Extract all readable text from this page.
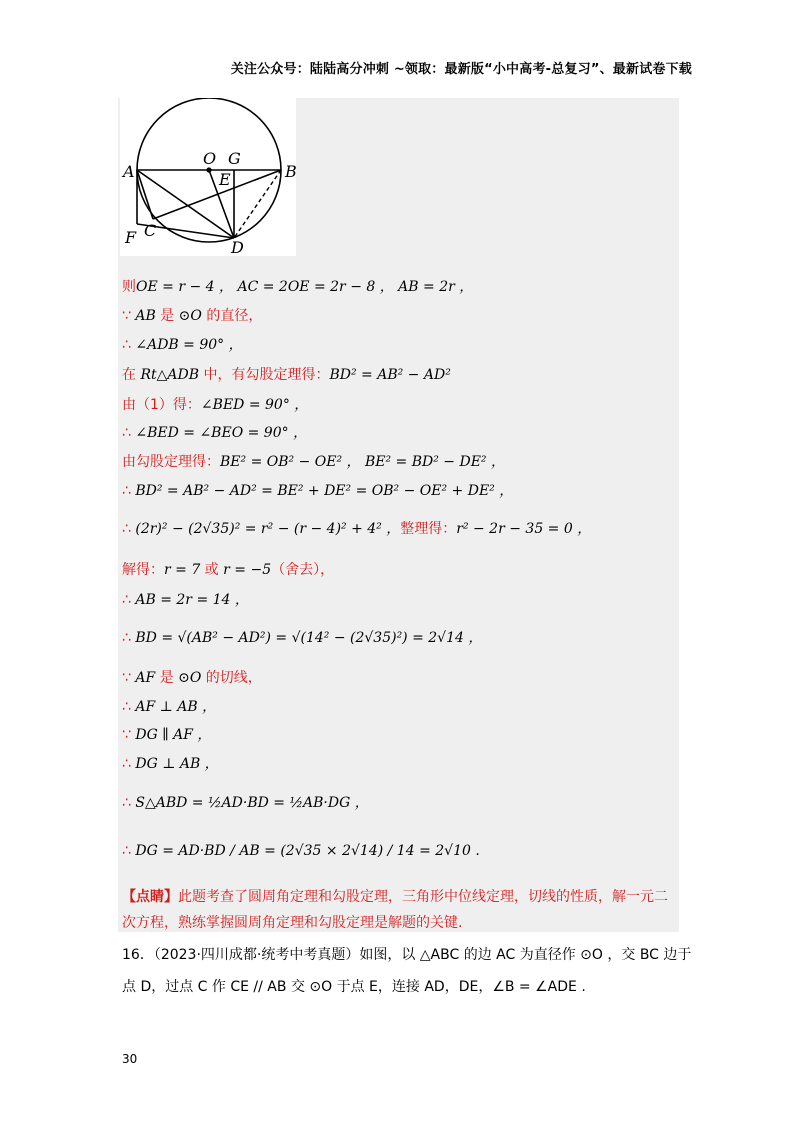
关注公众号：陆陆高分冲刺 ~领取：最新版“小中高考-总复习”、最新试卷下载
O G
A	B
E
F C
D
则OE = r − 4 ， AC = 2OE = 2r − 8 ， AB = 2r ，
∵ AB 是 ⊙O 的直径，
∴ ∠ADB = 90° ，
在 Rt△ADB 中，有勾股定理得：BD² = AB² − AD²
由（1）得：∠BED = 90° ，
∴ ∠BED = ∠BEO = 90° ，
由勾股定理得：BE² = OB² − OE² ， BE² = BD² − DE² ，
∴ BD² = AB² − AD² = BE² + DE² = OB² − OE² + DE² ，
∴ (2r)² − (2√35)² = r² − (r − 4)² + 4² ，整理得：r² − 2r − 35 = 0 ，
解得：r = 7 或 r = −5（舍去），
∴ AB = 2r = 14 ，
∴ BD = √(AB² − AD²) = √(14² − (2√35)²) = 2√14 ，
∵ AF 是 ⊙O 的切线，
∴ AF ⊥ AB ，
∵ DG ∥ AF ，
∴ DG ⊥ AB ，
∴ S△ABD = ½AD·BD = ½AB·DG ，
∴ DG = AD·BD / AB = (2√35 × 2√14) / 14 = 2√10 .
【点睛】此题考查了圆周角定理和勾股定理，三角形中位线定理，切线的性质，解一元二
次方程，熟练掌握圆周角定理和勾股定理是解题的关键.
16．（2023·四川成都·统考中考真题）如图，以 △ABC 的边 AC 为直径作 ⊙O ，交 BC 边于
点 D，过点 C 作 CE // AB 交 ⊙O 于点 E，连接 AD，DE，∠B = ∠ADE .
30
